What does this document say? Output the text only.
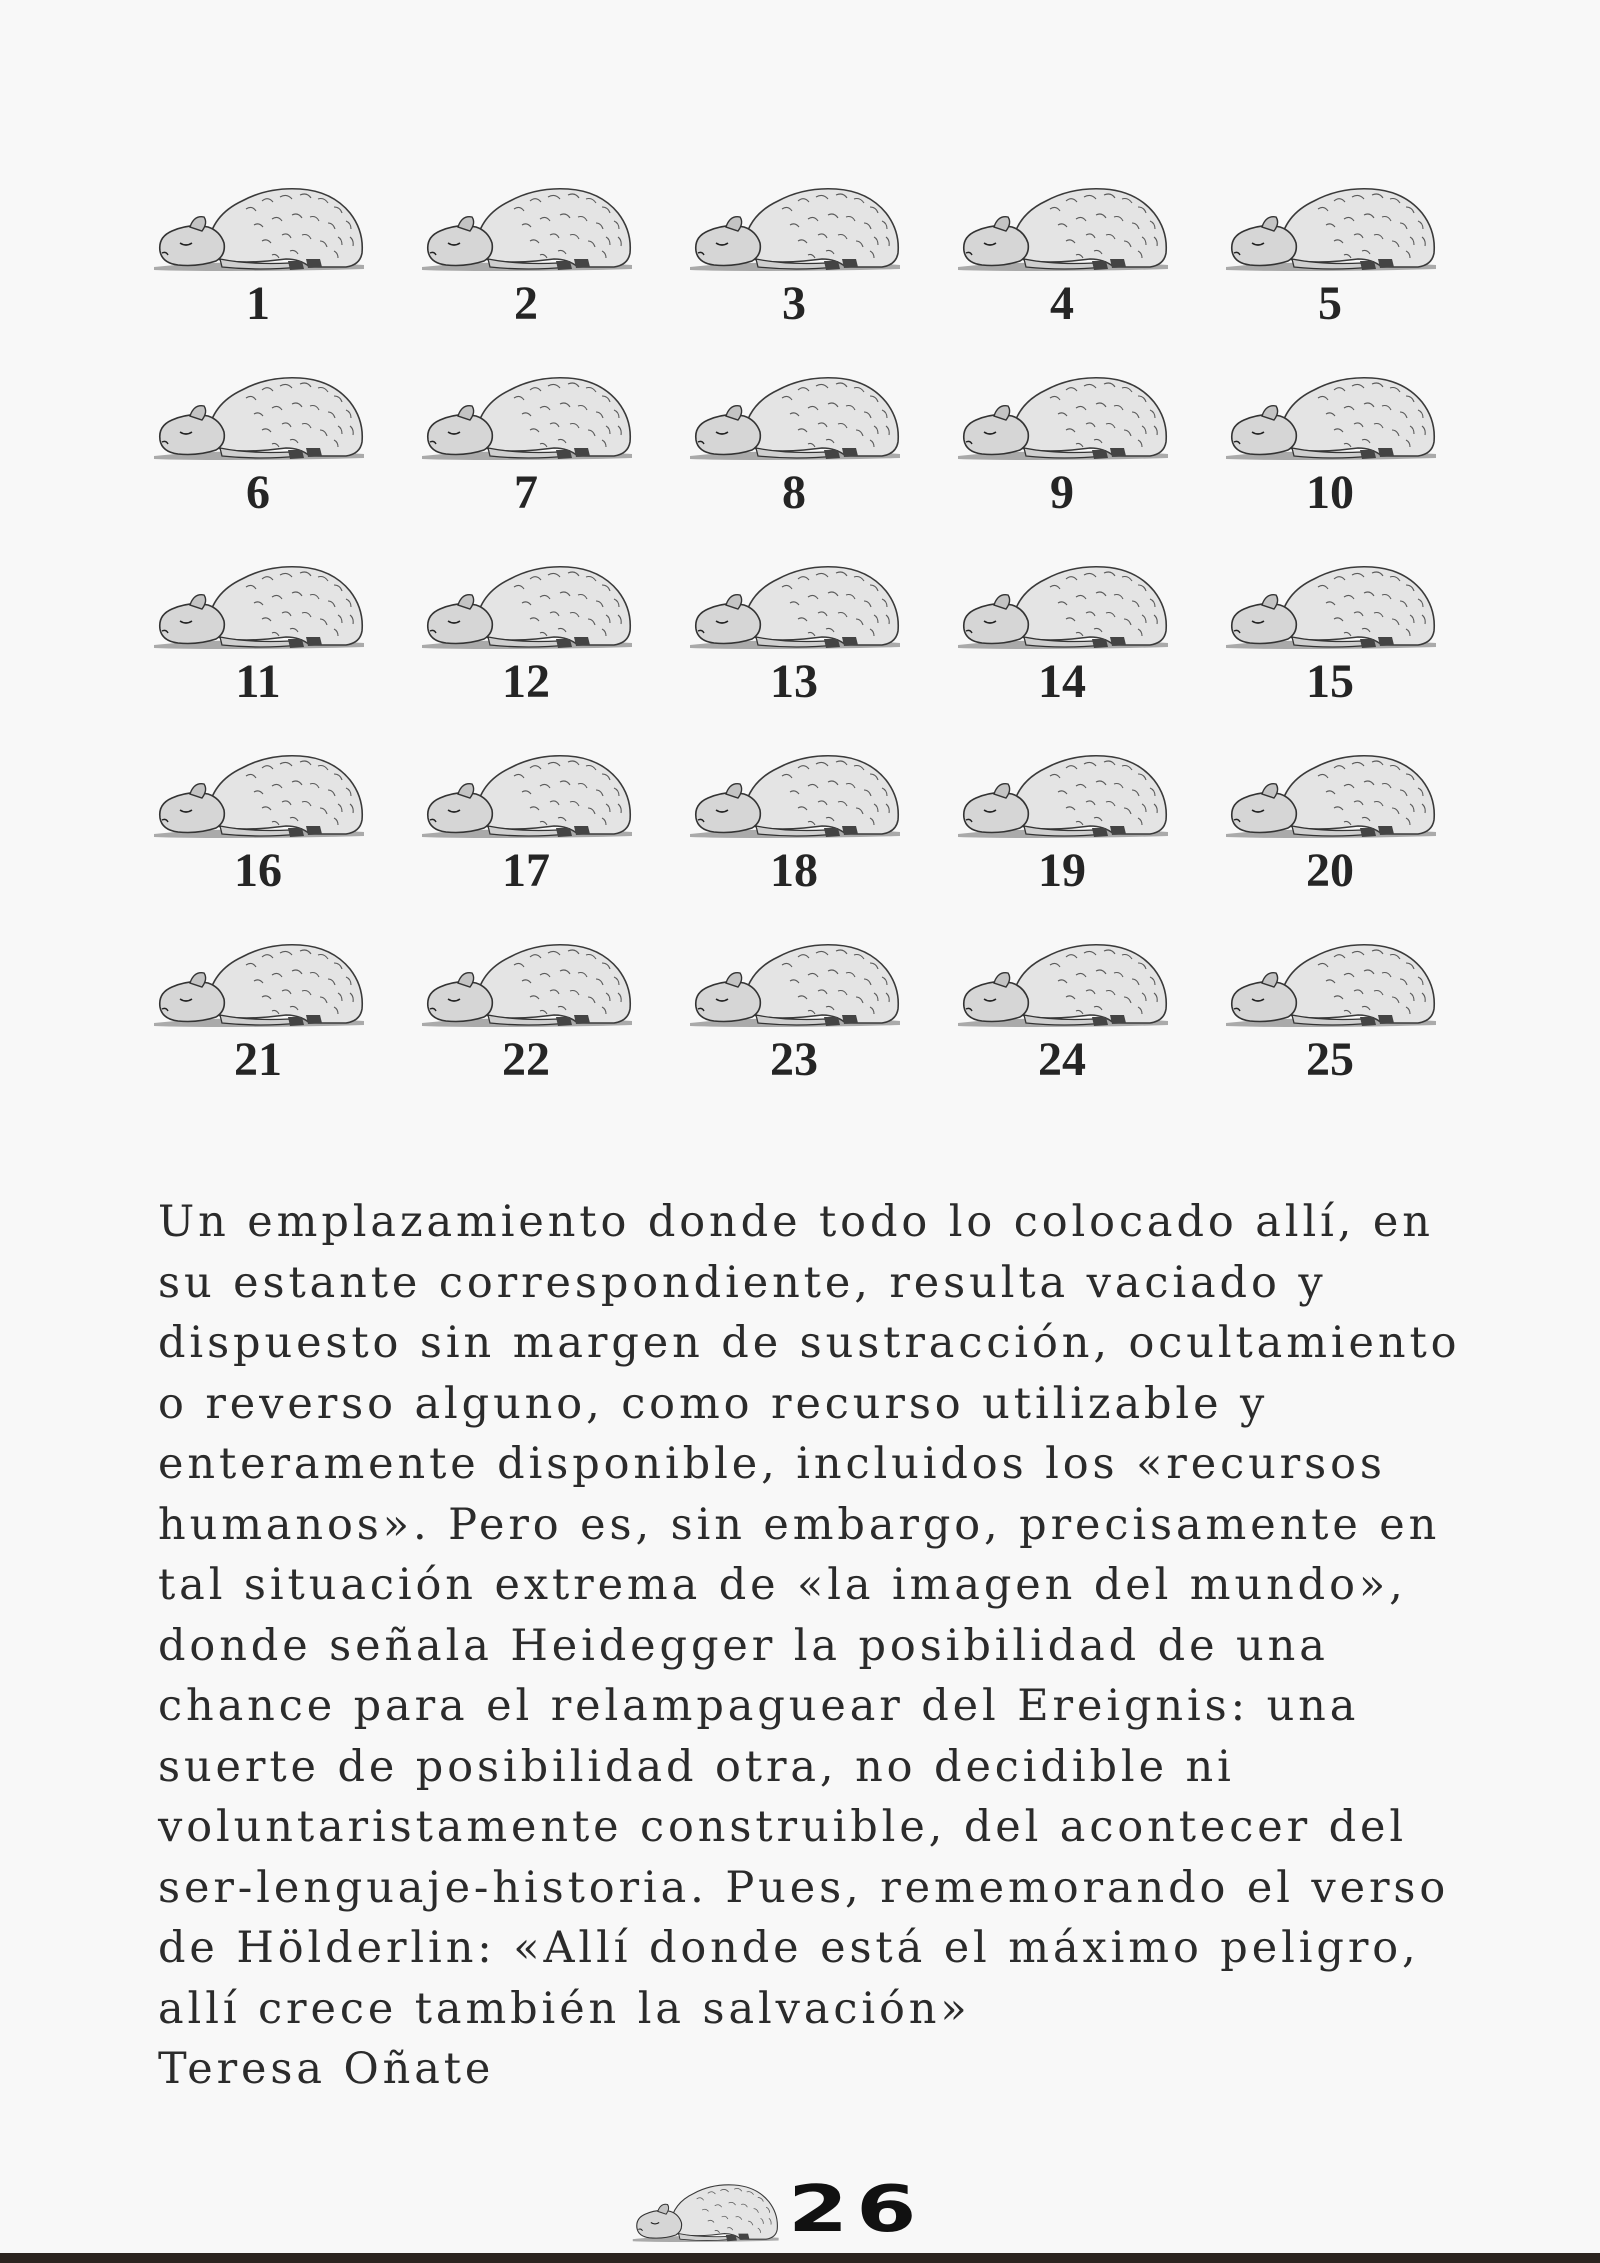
1	2	3	4	5
6	7	8	9	10
11	12	13	14	15
16	17	18	19	20
21	22	23	24	25
Un emplazamiento donde todo lo colocado allí, en
su estante correspondiente, resulta vaciado y
dispuesto sin margen de sustracción, ocultamiento
o reverso alguno, como recurso utilizable y
enteramente disponible, incluidos los «recursos
humanos». Pero es, sin embargo, precisamente en
tal situación extrema de «la imagen del mundo»,
donde señala Heidegger la posibilidad de una
chance para el relampaguear del Ereignis: una
suerte de posibilidad otra, no decidible ni
voluntaristamente construible, del acontecer del
ser-lenguaje-historia. Pues, rememorando el verso
de Hölderlin: «Allí donde está el máximo peligro,
allí crece también la salvación»
Teresa Oñate
26
